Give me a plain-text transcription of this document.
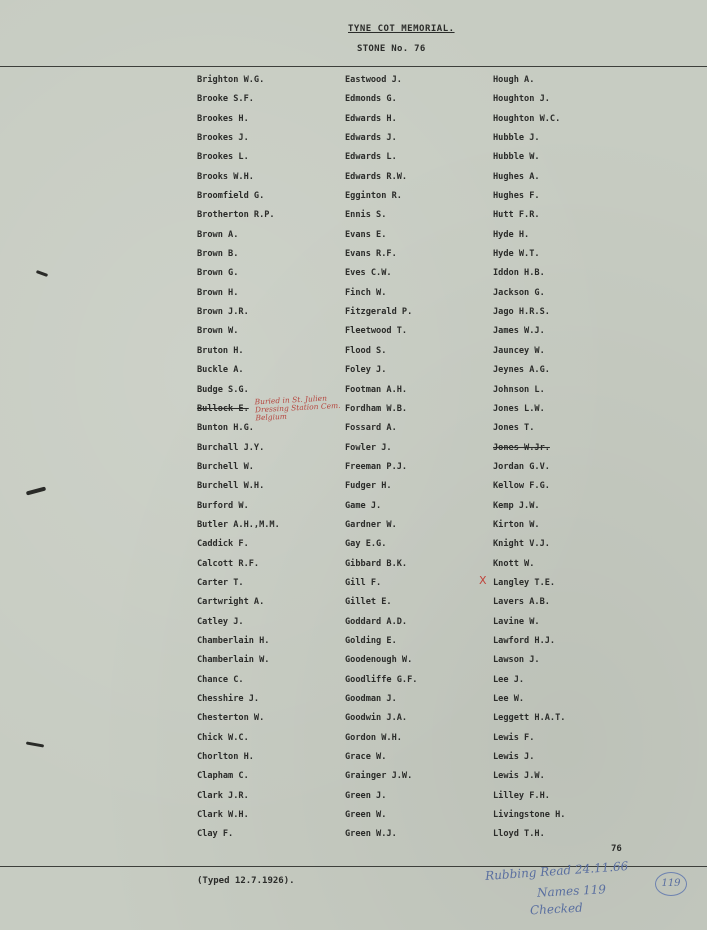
TYNE COT MEMORIAL.
STONE No. 76
Brighton W.G.
Brooke S.F.
Brookes H.
Brookes J.
Brookes L.
Brooks W.H.
Broomfield G.
Brotherton R.P.
Brown A.
Brown B.
Brown G.
Brown H.
Brown J.R.
Brown W.
Bruton H.
Buckle A.
Budge S.G.
Bullock E.
Bunton H.G.
Burchall J.Y.
Burchell W.
Burchell W.H.
Burford W.
Butler A.H.,M.M.
Caddick F.
Calcott R.F.
Carter T.
Cartwright A.
Catley J.
Chamberlain H.
Chamberlain W.
Chance C.
Chesshire J.
Chesterton W.
Chick W.C.
Chorlton H.
Clapham C.
Clark J.R.
Clark W.H.
Clay F.
Eastwood J.
Edmonds G.
Edwards H.
Edwards J.
Edwards L.
Edwards R.W.
Egginton R.
Ennis S.
Evans E.
Evans R.F.
Eves C.W.
Finch W.
Fitzgerald P.
Fleetwood T.
Flood S.
Foley J.
Footman A.H.
Fordham W.B.
Fossard A.
Fowler J.
Freeman P.J.
Fudger H.
Game J.
Gardner W.
Gay E.G.
Gibbard B.K.
Gill F.
Gillet E.
Goddard A.D.
Golding E.
Goodenough W.
Goodliffe G.F.
Goodman J.
Goodwin J.A.
Gordon W.H.
Grace W.
Grainger J.W.
Green J.
Green W.
Green W.J.
Hough A.
Houghton J.
Houghton W.C.
Hubble J.
Hubble W.
Hughes A.
Hughes F.
Hutt F.R.
Hyde H.
Hyde W.T.
Iddon H.B.
Jackson G.
Jago H.R.S.
James W.J.
Jauncey W.
Jeynes A.G.
Johnson L.
Jones L.W.
Jones T.
Jones W.Jr.
Jordan G.V.
Kellow F.G.
Kemp J.W.
Kirton W.
Knight V.J.
Knott W.
Langley T.E.
Lavers A.B.
Lavine W.
Lawford H.J.
Lawson J.
Lee J.
Lee W.
Leggett H.A.T.
Lewis F.
Lewis J.
Lewis J.W.
Lilley F.H.
Livingstone H.
Lloyd T.H.
Buried in St. Julien Dressing Station Cem. Belgium
X
76
(Typed 12.7.1926).	Rubbing Read 24.11.66
Names 119
Checked
119
